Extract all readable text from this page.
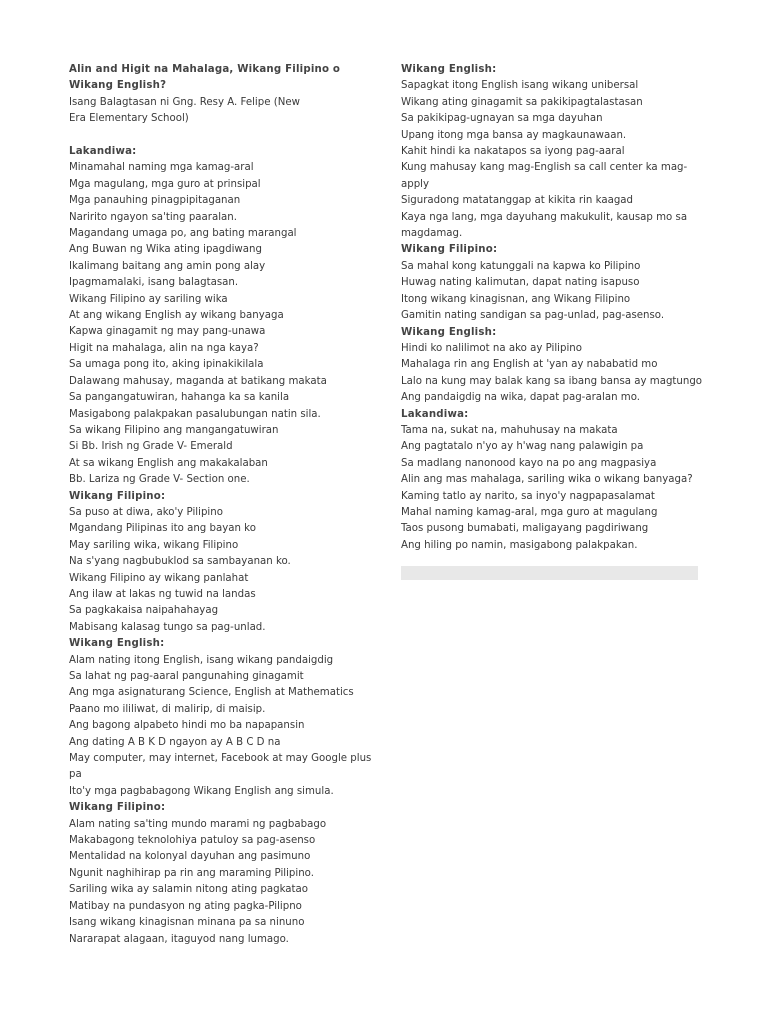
Alin and Higit na Mahalaga, Wikang Filipino o
Wikang English?
Isang Balagtasan ni Gng. Resy A. Felipe (New
Era Elementary School)
Lakandiwa:
Minamahal naming mga kamag-aral
Mga magulang, mga guro at prinsipal
Mga panauhing pinagpipitaganan
Naririto ngayon sa'ting paaralan.
Magandang umaga po, ang bating marangal
Ang Buwan ng Wika ating ipagdiwang
Ikalimang baitang ang amin pong alay
Ipagmamalaki, isang balagtasan.
Wikang Filipino ay sariling wika
At ang wikang English ay wikang banyaga
Kapwa ginagamit ng may pang-unawa
Higit na mahalaga, alin na nga kaya?
Sa umaga pong ito, aking ipinakikilala
Dalawang mahusay, maganda at batikang makata
Sa pangangatuwiran, hahanga ka sa kanila
Masigabong palakpakan pasalubungan natin sila.
Sa wikang Filipino ang mangangatuwiran
Si Bb. Irish ng Grade V- Emerald
At sa wikang English ang makakalaban
Bb. Lariza ng Grade V- Section one.
Wikang Filipino:
Sa puso at diwa, ako'y Pilipino
Mgandang Pilipinas ito ang bayan ko
May sariling wika, wikang Filipino
Na s'yang nagbubuklod sa sambayanan ko.
Wikang Filipino ay wikang panlahat
Ang ilaw at lakas ng tuwid na landas
Sa pagkakaisa naipahahayag
Mabisang kalasag tungo sa pag-unlad.
Wikang English:
Alam nating itong English, isang wikang pandaigdig
Sa lahat ng pag-aaral pangunahing ginagamit
Ang mga asignaturang Science, English at Mathematics
Paano mo ililiwat, di malirip, di maisip.
Ang bagong alpabeto hindi mo ba napapansin
Ang dating A B K D ngayon ay A B C D na
May computer, may internet, Facebook at may Google plus
pa
Ito'y mga pagbabagong Wikang English ang simula.
Wikang Filipino:
Alam nating sa'ting mundo marami ng pagbabago
Makabagong teknolohiya patuloy sa pag-asenso
Mentalidad na kolonyal dayuhan ang pasimuno
Ngunit naghihirap pa rin ang maraming Pilipino.
Sariling wika ay salamin nitong ating pagkatao
Matibay na pundasyon ng ating pagka-Pilipno
Isang wikang kinagisnan minana pa sa ninuno
Nararapat alagaan, itaguyod nang lumago.
Wikang English:
Sapagkat itong English isang wikang unibersal
Wikang ating ginagamit sa pakikipagtalastasan
Sa pakikipag-ugnayan sa mga dayuhan
Upang itong mga bansa ay magkaunawaan.
Kahit hindi ka nakatapos sa iyong pag-aaral
Kung mahusay kang mag-English sa call center ka mag-
apply
Siguradong matatanggap at kikita rin kaagad
Kaya nga lang, mga dayuhang makukulit, kausap mo sa
magdamag.
Wikang Filipino:
Sa mahal kong katunggali na kapwa ko Pilipino
Huwag nating kalimutan, dapat nating isapuso
Itong wikang kinagisnan, ang Wikang Filipino
Gamitin nating sandigan sa pag-unlad, pag-asenso.
Wikang English:
Hindi ko nalilimot na ako ay Pilipino
Mahalaga rin ang English at 'yan ay nababatid mo
Lalo na kung may balak kang sa ibang bansa ay magtungo
Ang pandaigdig na wika, dapat pag-aralan mo.
Lakandiwa:
Tama na, sukat na, mahuhusay na makata
Ang pagtatalo n'yo ay h'wag nang palawigin pa
Sa madlang nanonood kayo na po ang magpasiya
Alin ang mas mahalaga, sariling wika o wikang banyaga?
Kaming tatlo ay narito, sa inyo'y nagpapasalamat
Mahal naming kamag-aral, mga guro at magulang
Taos pusong bumabati, maligayang pagdiriwang
Ang hiling po namin, masigabong palakpakan.
